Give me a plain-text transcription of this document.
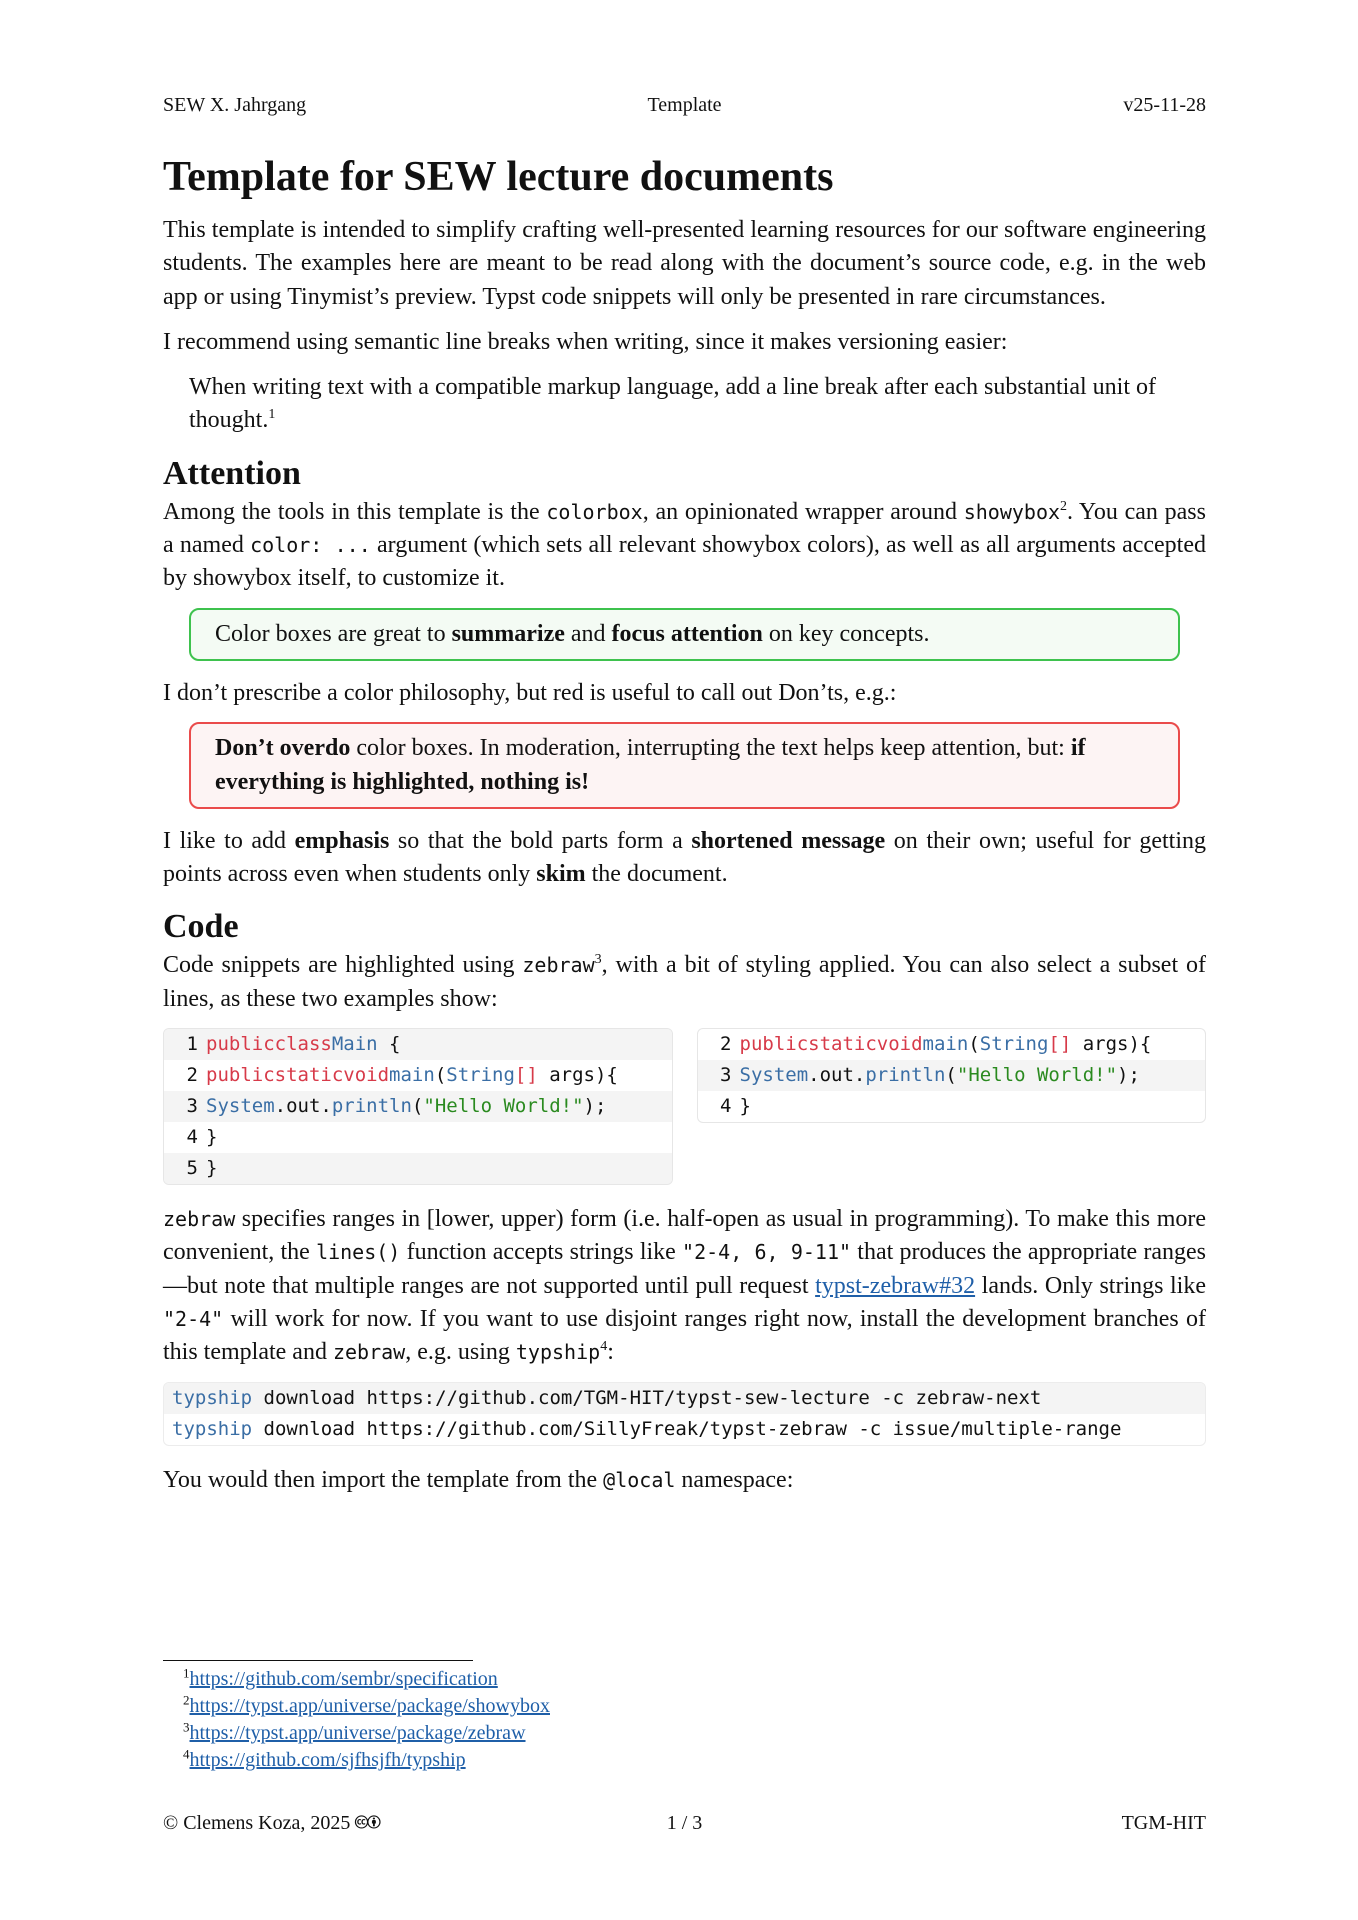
SEW X. Jahrgang	Template	v25-11-28
Template for SEW lecture documents

This template is intended to simplify crafting well-presented learning resources for our software engineering students. The examples here are meant to be read along with the document’s source code, e.g. in the web app or using Tinymist’s preview. Typst code snippets will only be presented in rare circumstances.

I recommend using semantic line breaks when writing, since it makes versioning easier:

When writing text with a compatible markup language, add a line break after each substantial unit of thought.$^1$
Attention

Among the tools in this template is the colorbox, an opinionated wrapper around showybox$^2$. You can pass a named color: ... argument (which sets all relevant showybox colors), as well as all arguments accepted by showybox itself, to customize it.

Color boxes are great to summarize and focus attention on key concepts.

I don’t prescribe a color philosophy, but red is useful to call out Don’ts, e.g.:

Don’t overdo color boxes. In moderation, interrupting the text helps keep attention, but: if everything is highlighted, nothing is!

I like to add emphasis so that the bold parts form a shortened message on their own; useful for getting points across even when students only skim the document.

Code

Code snippets are highlighted using zebraw$^3$, with a bit of styling applied. You can also select a subset of lines, as these two examples show:

1 public class Main {
2 public static void main ( String [] args){
3 System .out. println ( "Hello World!" );
4 }
5 }
2 public static void main ( String [] args){
3 System .out. println ( "Hello World!" );
4 }

zebraw specifies ranges in [lower, upper) form (i.e. half-open as usual in programming). To make this more convenient, the lines() function accepts strings like "2-4, 6, 9-11" that produces the appropriate ranges—but note that multiple ranges are not supported until pull request typst-zebraw#32 lands. Only strings like "2-4" will work for now. If you want to use disjoint ranges right now, install the development branches of this template and zebraw, e.g. using typship$^4$:

typship download https://github.com/TGM-HIT/typst-sew-lecture -c zebraw-next
typship download https://github.com/SillyFreak/typst-zebraw -c issue/multiple-range

You would then import the template from the @local namespace:

$^1$https://github.com/sembr/specification
$^2$https://typst.app/universe/package/showybox
$^3$https://typst.app/universe/package/zebraw
$^4$https://github.com/sjfhsjfh/typship
© Clemens Koza, 2025 🅭🅯	1 / 3	TGM-HIT
